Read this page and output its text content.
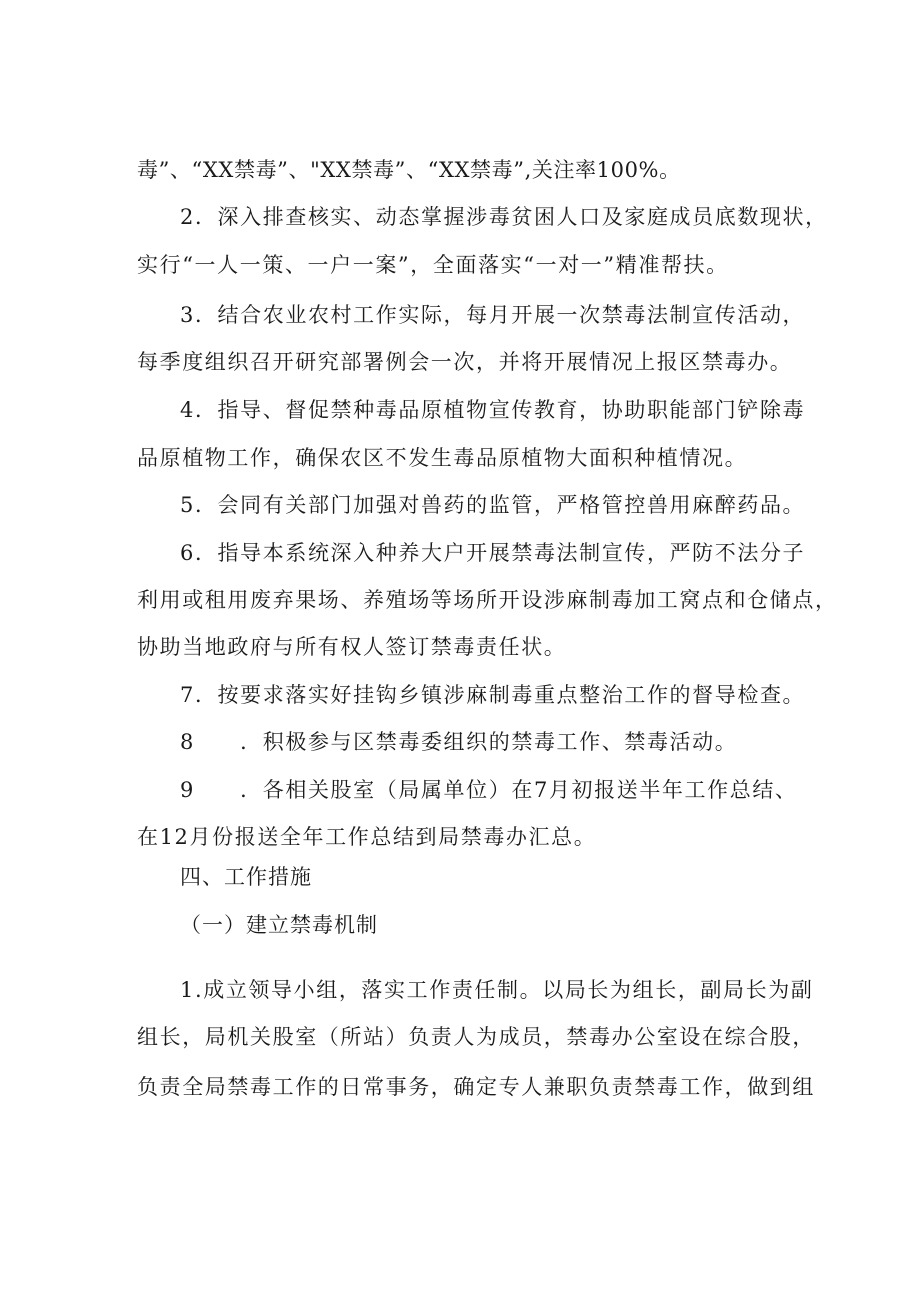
毒”、“XX禁毒”、"XX禁毒”、“XX禁毒”,关注率100%。
2．深入排查核实、动态掌握涉毒贫困人口及家庭成员底数现状，
实行“一人一策、一户一案”，全面落实“一对一”精准帮扶。
3．结合农业农村工作实际，每月开展一次禁毒法制宣传活动，
每季度组织召开研究部署例会一次，并将开展情况上报区禁毒办。
4．指导、督促禁种毒品原植物宣传教育，协助职能部门铲除毒
品原植物工作，确保农区不发生毒品原植物大面积种植情况。
5．会同有关部门加强对兽药的监管，严格管控兽用麻醉药品。
6．指导本系统深入种养大户开展禁毒法制宣传，严防不法分子
利用或租用废弃果场、养殖场等场所开设涉麻制毒加工窝点和仓储点，
协助当地政府与所有权人签订禁毒责任状。
7．按要求落实好挂钩乡镇涉麻制毒重点整治工作的督导检查。
8　　．积极参与区禁毒委组织的禁毒工作、禁毒活动。
9　　．各相关股室（局属单位）在7月初报送半年工作总结、
在12月份报送全年工作总结到局禁毒办汇总。
四、工作措施
（一）建立禁毒机制
1.成立领导小组，落实工作责任制。以局长为组长，副局长为副
组长，局机关股室（所站）负责人为成员，禁毒办公室设在综合股，
负责全局禁毒工作的日常事务，确定专人兼职负责禁毒工作，做到组
